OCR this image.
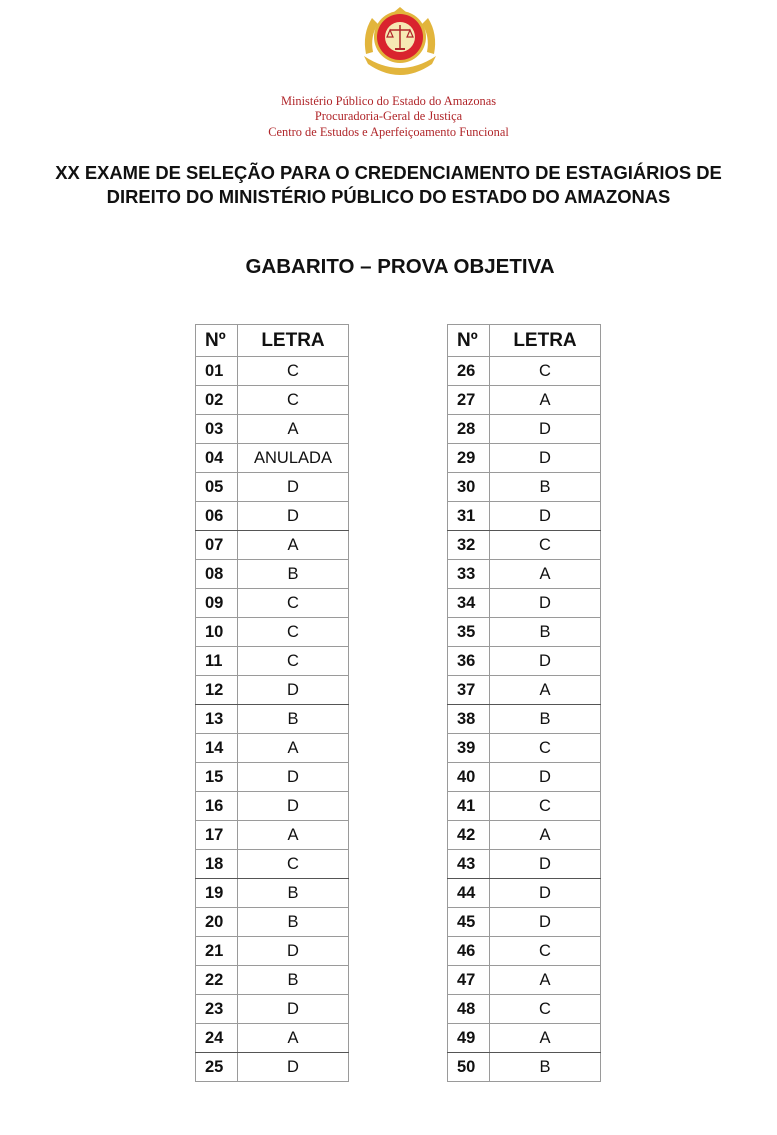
Ministério Público do Estado do Amazonas
Procuradoria-Geral de Justiça
Centro de Estudos e Aperfeiçoamento Funcional
XX EXAME DE SELEÇÃO PARA O CREDENCIAMENTO DE ESTAGIÁRIOS DE
DIREITO DO MINISTÉRIO PÚBLICO DO ESTADO DO AMAZONAS
GABARITO – PROVA OBJETIVA
Nº	LETRA
01	C
02	C
03	A
04	ANULADA
05	D
06	D
07	A
08	B
09	C
10	C
11	C
12	D
13	B
14	A
15	D
16	D
17	A
18	C
19	B
20	B
21	D
22	B
23	D
24	A
25	D
Nº	LETRA
26	C
27	A
28	D
29	D
30	B
31	D
32	C
33	A
34	D
35	B
36	D
37	A
38	B
39	C
40	D
41	C
42	A
43	D
44	D
45	D
46	C
47	A
48	C
49	A
50	B
